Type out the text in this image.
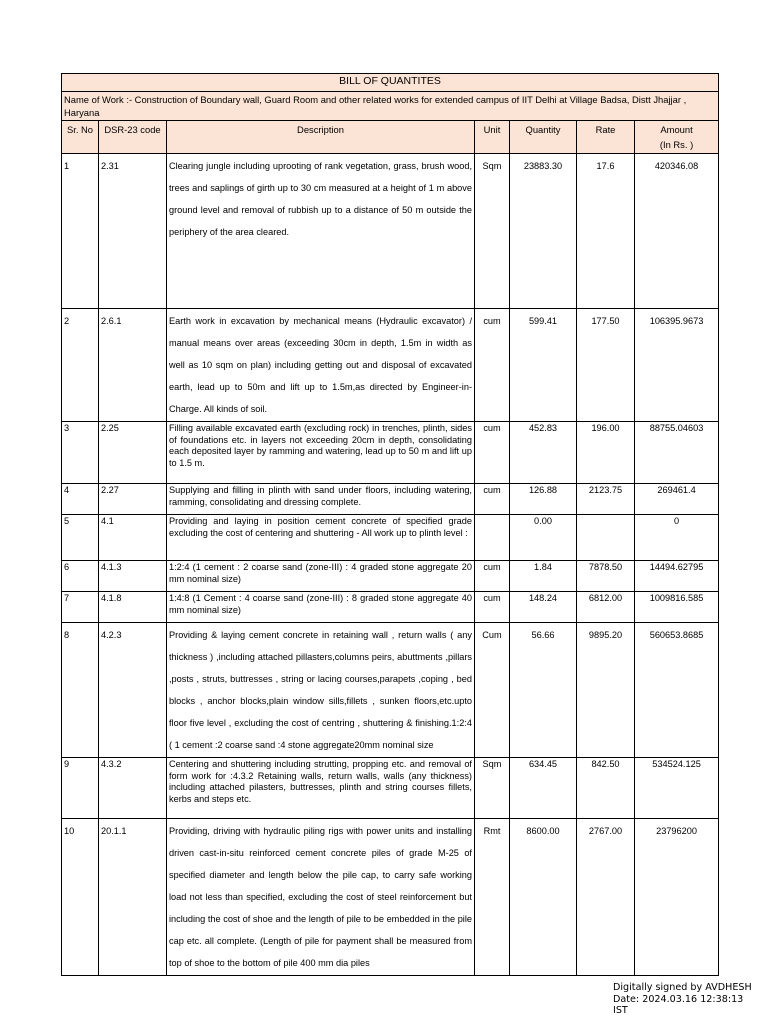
BILL OF QUANTITES						
Name of Work :- Construction of Boundary wall, Guard Room and other related works for extended campus of IIT Delhi at Village Badsa, Distt Jhajjar , Haryana						
Sr. No	DSR-23 code	Description	Unit	Quantity	Rate	Amount
(In Rs. )
1	2.31	Clearing jungle including uprooting of rank vegetation, grass, brush wood, trees and saplings of girth up to 30 cm measured at a height of 1 m above ground level and removal of rubbish up to a distance of 50 m outside the periphery of the area cleared.	Sqm	23883.30	17.6	420346.08
2	2.6.1	Earth work in excavation by mechanical means (Hydraulic excavator) / manual means over areas (exceeding 30cm in depth, 1.5m in width as well as 10 sqm on plan) including getting out and disposal of excavated earth, lead up to 50m and lift up to 1.5m,as directed by Engineer-in-Charge. All kinds of soil.	cum	599.41	177.50	106395.9673
3	2.25	Filling available excavated earth (excluding rock) in trenches, plinth, sides of foundations etc. in layers not exceeding 20cm in depth, consolidating each deposited layer by ramming and watering, lead up to 50 m and lift up to 1.5 m.	cum	452.83	196.00	88755.04603
4	2.27	Supplying and filling in plinth with sand under floors, including watering, ramming, consolidating and dressing complete.	cum	126.88	2123.75	269461.4
5	4.1	Providing and laying in position cement concrete of specified grade excluding the cost of centering and shuttering - All work up to plinth level :		0.00		0
6	4.1.3	1:2:4 (1 cement : 2 coarse sand (zone-III) : 4 graded stone aggregate 20 mm nominal size)	cum	1.84	7878.50	14494.62795
7	4.1.8	1:4:8 (1 Cement : 4 coarse sand (zone-III) : 8 graded stone aggregate 40 mm nominal size)	cum	148.24	6812.00	1009816.585
8	4.2.3	Providing & laying cement concrete in retaining wall , return walls ( any thickness ) ,including attached pillasters,columns peirs, abuttments ,pillars ,posts , struts, buttresses , string or lacing courses,parapets ,coping , bed blocks , anchor blocks,plain window sills,fillets , sunken floors,etc.upto floor five level , excluding the cost of centring , shuttering & finishing.1:2:4 ( 1 cement :2 coarse sand :4 stone aggregate20mm nominal size	Cum	56.66	9895.20	560653.8685
9	4.3.2	Centering and shuttering including strutting, propping etc. and removal of form work for :4.3.2 Retaining walls, return walls, walls (any thickness) including attached pilasters, buttresses, plinth and string courses fillets, kerbs and steps etc.	Sqm	634.45	842.50	534524.125
10	20.1.1	Providing, driving with hydraulic piling rigs with power units and installing driven cast-in-situ reinforced cement concrete piles of grade M-25 of specified diameter and length below the pile cap, to carry safe working load not less than specified, excluding the cost of steel reinforcement but including the cost of shoe and the length of pile to be embedded in the pile cap etc. all complete. (Length of pile for payment shall be measured from top of shoe to the bottom of pile 400 mm dia piles	Rmt	8600.00	2767.00	23796200
Digitally signed by AVDHESH
Date: 2024.03.16 12:38:13
IST
